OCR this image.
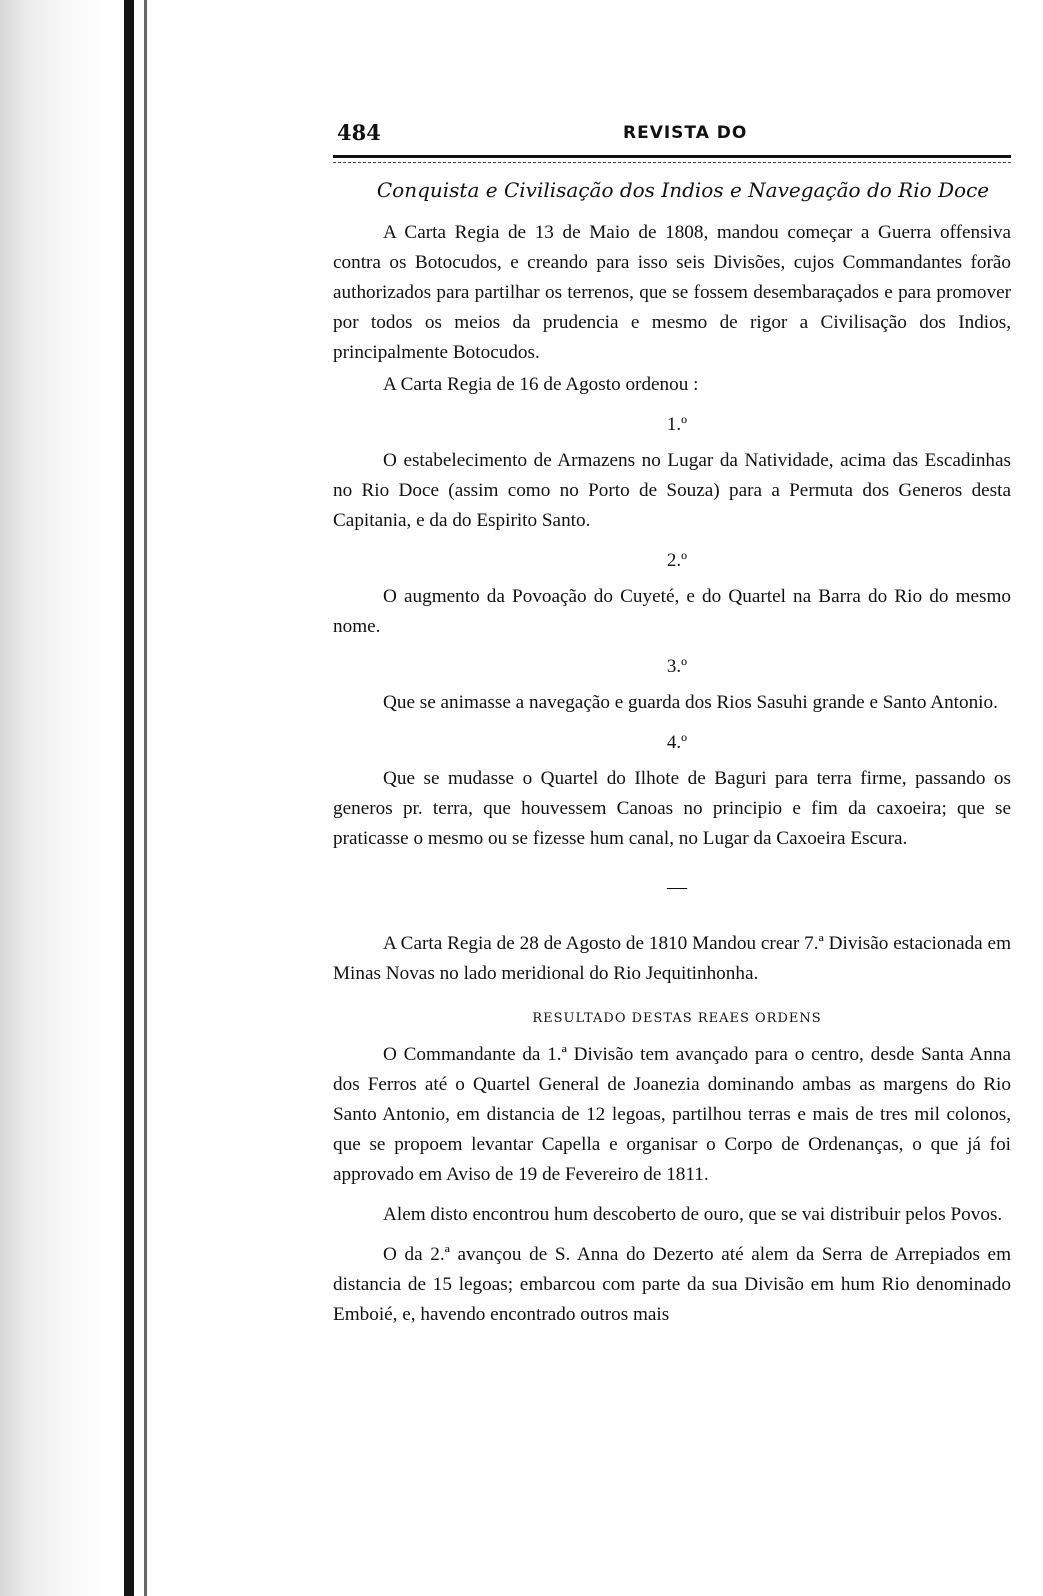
484	REVISTA DO
Conquista e Civilisação dos Indios e Navegação do Rio Doce

A Carta Regia de 13 de Maio de 1808, mandou começar a Guerra offensiva contra os Botocudos, e creando para isso seis Divisões, cujos Commandantes forão authorizados para partilhar os terrenos, que se fossem desembaraçados e para promover por todos os meios da prudencia e mesmo de rigor a Civilisação dos Indios, principalmente Botocudos.

A Carta Regia de 16 de Agosto ordenou :

1.º

O estabelecimento de Armazens no Lugar da Natividade, acima das Escadinhas no Rio Doce (assim como no Porto de Souza) para a Permuta dos Generos desta Capitania, e da do Espirito Santo.

2.º

O augmento da Povoação do Cuyeté, e do Quartel na Barra do Rio do mesmo nome.

3.º

Que se animasse a navegação e guarda dos Rios Sasuhi grande e Santo Antonio.

4.º

Que se mudasse o Quartel do Ilhote de Baguri para terra firme, passando os generos pr. terra, que houvessem Canoas no principio e fim da caxoeira; que se praticasse o mesmo ou se fizesse hum canal, no Lugar da Caxoeira Escura.

—

A Carta Regia de 28 de Agosto de 1810 Mandou crear 7.ª Divisão estacionada em Minas Novas no lado meridional do Rio Jequitinhonha.

RESULTADO DESTAS REAES ORDENS

O Commandante da 1.ª Divisão tem avançado para o centro, desde Santa Anna dos Ferros até o Quartel General de Joanezia dominando ambas as margens do Rio Santo Antonio, em distancia de 12 legoas, partilhou terras e mais de tres mil colonos, que se propoem levantar Capella e organisar o Corpo de Ordenanças, o que já foi approvado em Aviso de 19 de Fevereiro de 1811.

Alem disto encontrou hum descoberto de ouro, que se vai distribuir pelos Povos.

O da 2.ª avançou de S. Anna do Dezerto até alem da Serra de Arrepiados em distancia de 15 legoas; embarcou com parte da sua Divisão em hum Rio denominado Emboié, e, havendo encontrado outros mais
